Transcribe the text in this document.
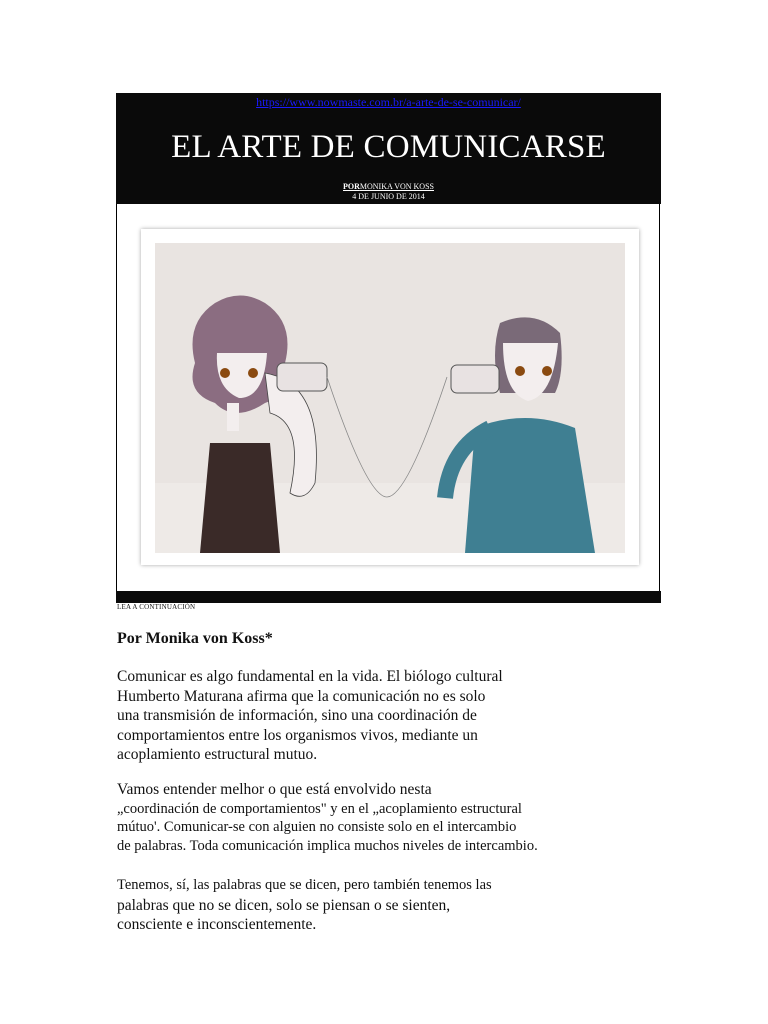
https://www.nowmaste.com.br/a-arte-de-se-comunicar/
EL ARTE DE COMUNICARSE
PORMONIKA VON KOSS
4 DE JUNIO DE 2014
LEA A CONTINUACIÓN
Por Monika von Koss*
Comunicar es algo fundamental en la vida. El biólogo cultural
Humberto Maturana afirma que la comunicación no es solo
una transmisión de información, sino una coordinación de
comportamientos entre los organismos vivos, mediante un
acoplamiento estructural mutuo.
Vamos entender melhor o que está envolvido nesta
„coordinación de comportamientos" y en el „acoplamiento estructural
mútuo'. Comunicar-se con alguien no consiste solo en el intercambio
de palabras. Toda comunicación implica muchos niveles de intercambio.
Tenemos, sí, las palabras que se dicen, pero también tenemos las
palabras que no se dicen, solo se piensan o se sienten,
consciente e inconscientemente.
